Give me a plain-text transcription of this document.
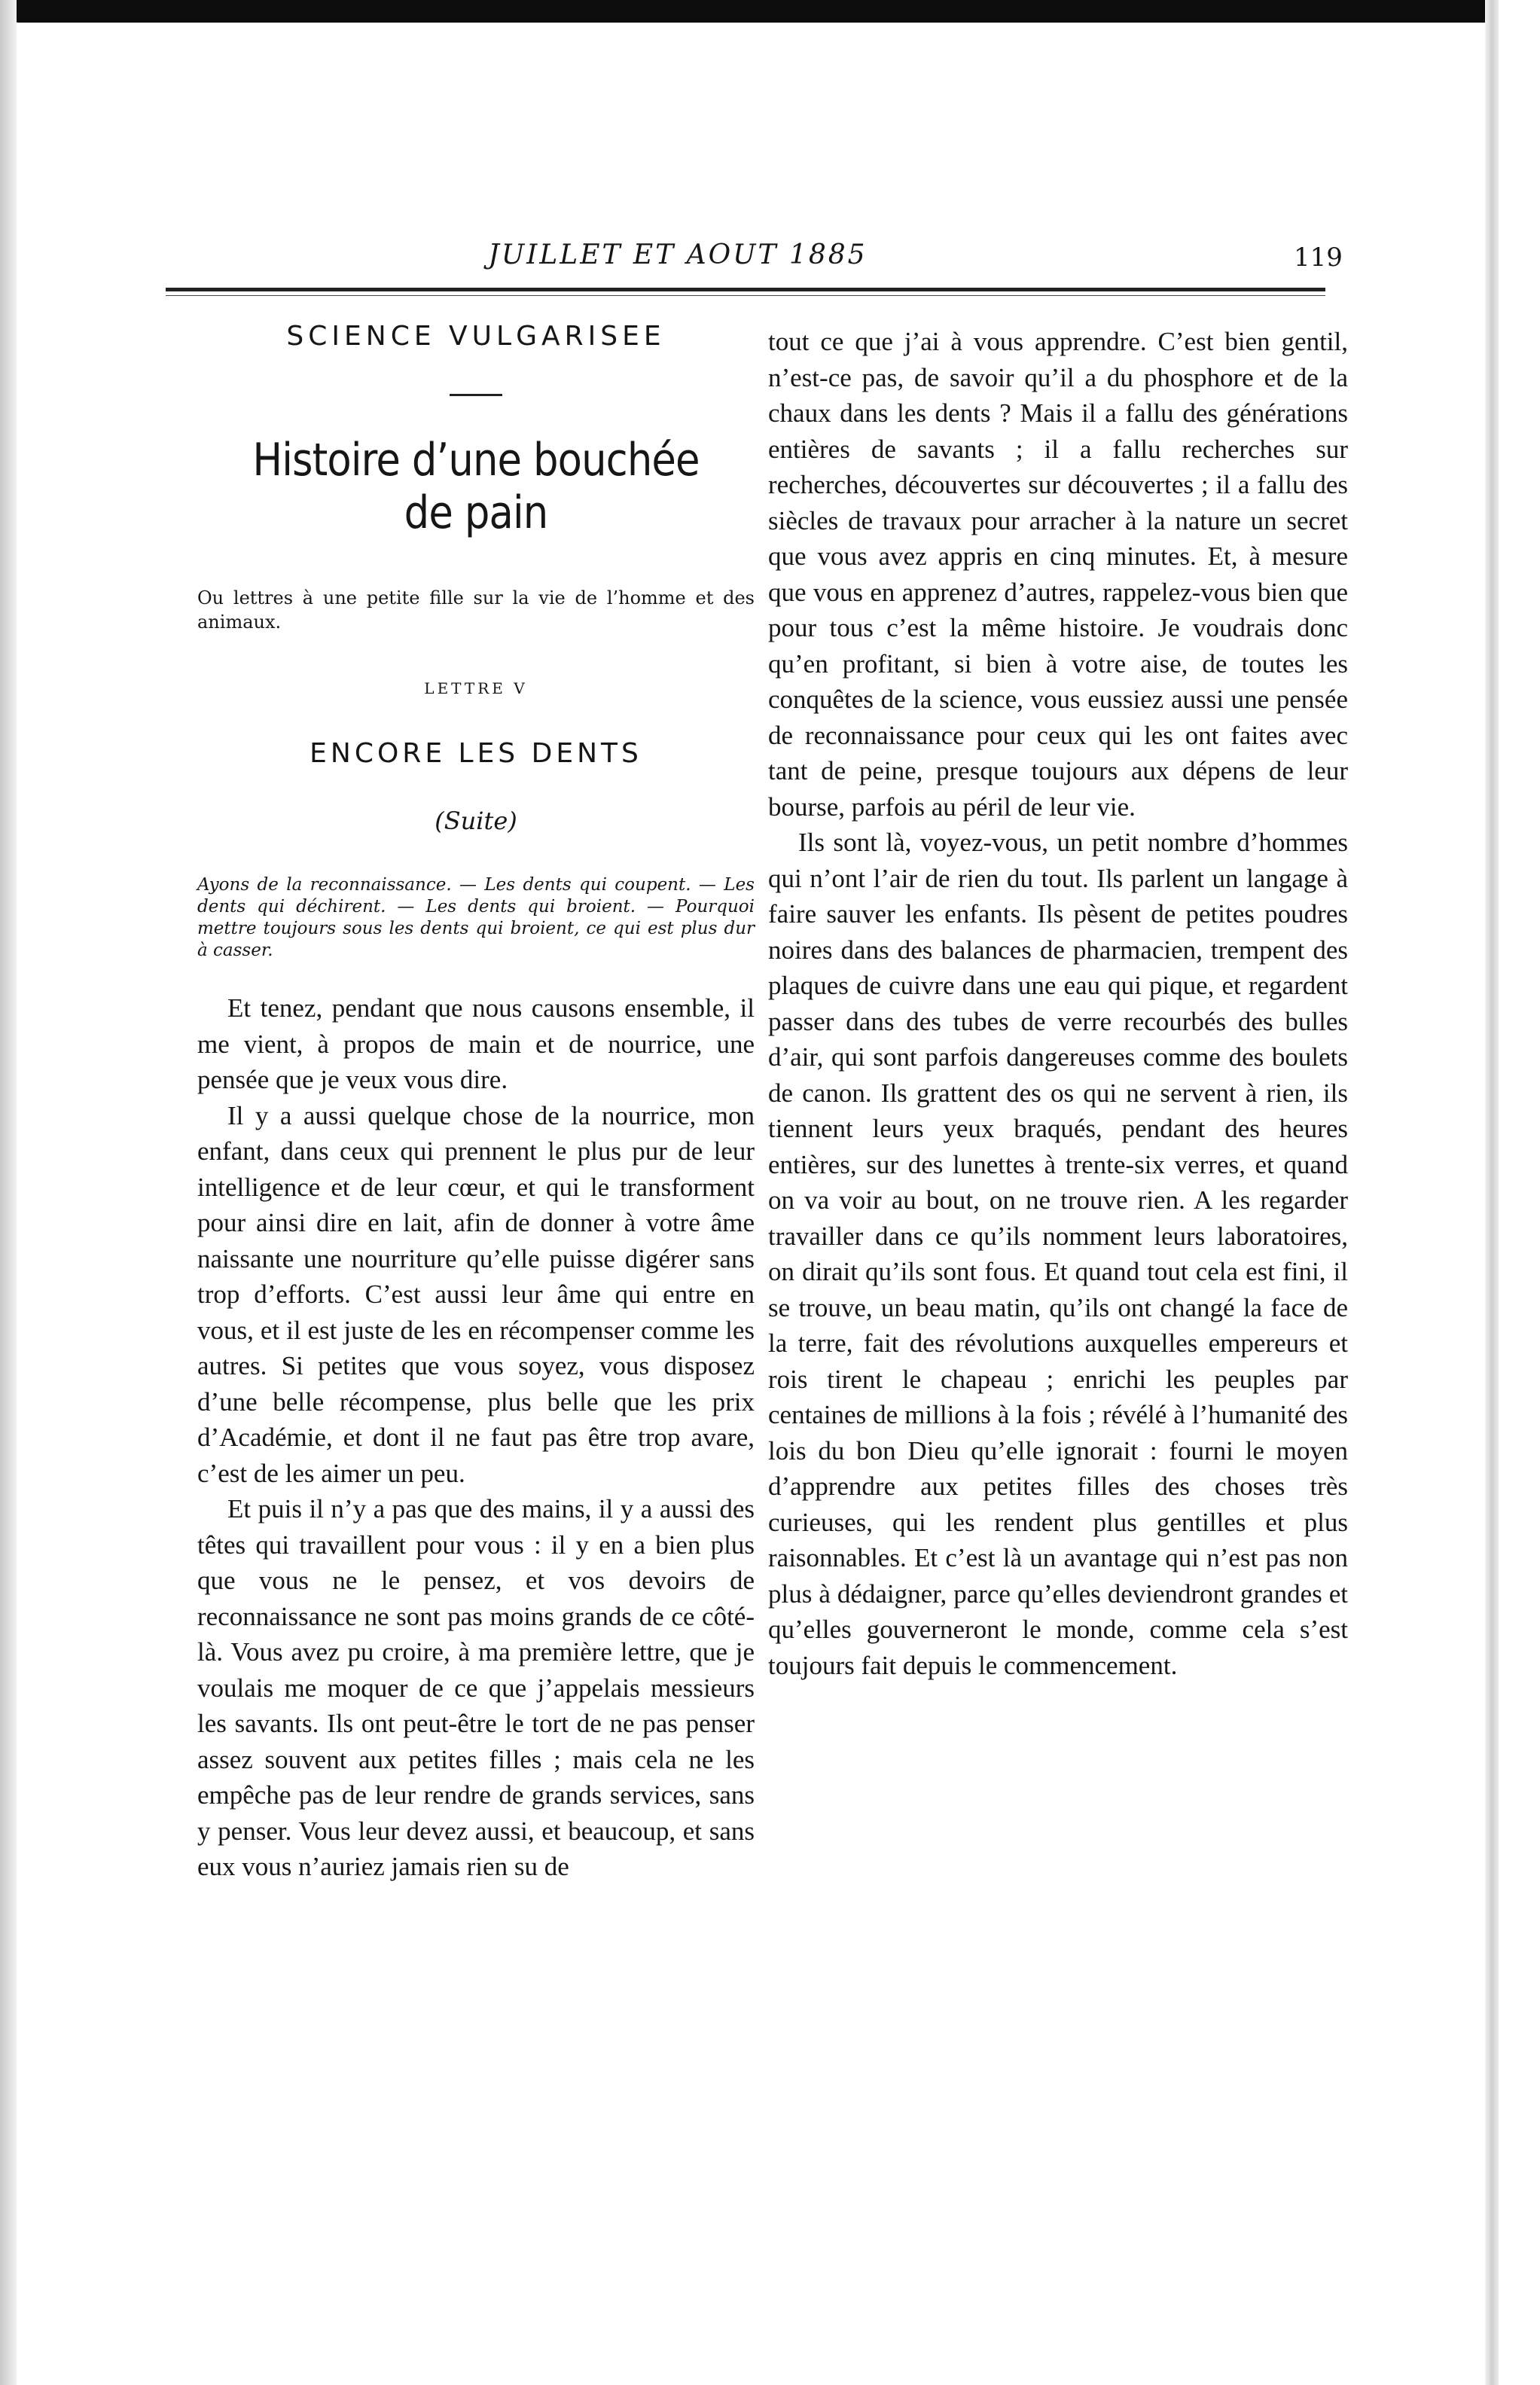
JUILLET ET AOUT 1885	119
SCIENCE VULGARISEE
Histoire d’une bouchée de pain
Ou lettres à une petite fille sur la vie de l’homme et des animaux.
LETTRE V
ENCORE LES DENTS
(Suite)
Ayons de la reconnaissance. — Les dents qui coupent. — Les dents qui déchirent. — Les dents qui broient. — Pourquoi mettre toujours sous les dents qui broient, ce qui est plus dur à casser.

Et tenez, pendant que nous causons ensemble, il me vient, à propos de main et de nourrice, une pensée que je veux vous dire.

Il y a aussi quelque chose de la nourrice, mon enfant, dans ceux qui prennent le plus pur de leur intelligence et de leur cœur, et qui le transforment pour ainsi dire en lait, afin de donner à votre âme naissante une nourriture qu’elle puisse digérer sans trop d’efforts. C’est aussi leur âme qui entre en vous, et il est juste de les en récompenser comme les autres. Si petites que vous soyez, vous disposez d’une belle récompense, plus belle que les prix d’Académie, et dont il ne faut pas être trop avare, c’est de les aimer un peu.

Et puis il n’y a pas que des mains, il y a aussi des têtes qui travaillent pour vous : il y en a bien plus que vous ne le pensez, et vos devoirs de reconnaissance ne sont pas moins grands de ce côté-là. Vous avez pu croire, à ma première lettre, que je voulais me moquer de ce que j’appelais messieurs les savants. Ils ont peut-être le tort de ne pas penser assez souvent aux petites filles ; mais cela ne les empêche pas de leur rendre de grands services, sans y penser. Vous leur devez aussi, et beaucoup, et sans eux vous n’auriez jamais rien su de

tout ce que j’ai à vous apprendre. C’est bien gentil, n’est-ce pas, de savoir qu’il a du phosphore et de la chaux dans les dents ? Mais il a fallu des générations entières de savants ; il a fallu recherches sur recherches, découvertes sur découvertes ; il a fallu des siècles de travaux pour arracher à la nature un secret que vous avez appris en cinq minutes. Et, à mesure que vous en apprenez d’autres, rappelez-vous bien que pour tous c’est la même histoire. Je voudrais donc qu’en profitant, si bien à votre aise, de toutes les conquêtes de la science, vous eussiez aussi une pensée de reconnaissance pour ceux qui les ont faites avec tant de peine, presque toujours aux dépens de leur bourse, parfois au péril de leur vie.

Ils sont là, voyez-vous, un petit nombre d’hommes qui n’ont l’air de rien du tout. Ils parlent un langage à faire sauver les enfants. Ils pèsent de petites poudres noires dans des balances de pharmacien, trempent des plaques de cuivre dans une eau qui pique, et regardent passer dans des tubes de verre recourbés des bulles d’air, qui sont parfois dangereuses comme des boulets de canon. Ils grattent des os qui ne servent à rien, ils tiennent leurs yeux braqués, pendant des heures entières, sur des lunettes à trente-six verres, et quand on va voir au bout, on ne trouve rien. A les regarder travailler dans ce qu’ils nomment leurs laboratoires, on dirait qu’ils sont fous. Et quand tout cela est fini, il se trouve, un beau matin, qu’ils ont changé la face de la terre, fait des révolutions auxquelles empereurs et rois tirent le chapeau ; enrichi les peuples par centaines de millions à la fois ; révélé à l’humanité des lois du bon Dieu qu’elle ignorait : fourni le moyen d’apprendre aux petites filles des choses très curieuses, qui les rendent plus gentilles et plus raisonnables. Et c’est là un avantage qui n’est pas non plus à dédaigner, parce qu’elles deviendront grandes et qu’elles gouverneront le monde, comme cela s’est toujours fait depuis le commencement.
